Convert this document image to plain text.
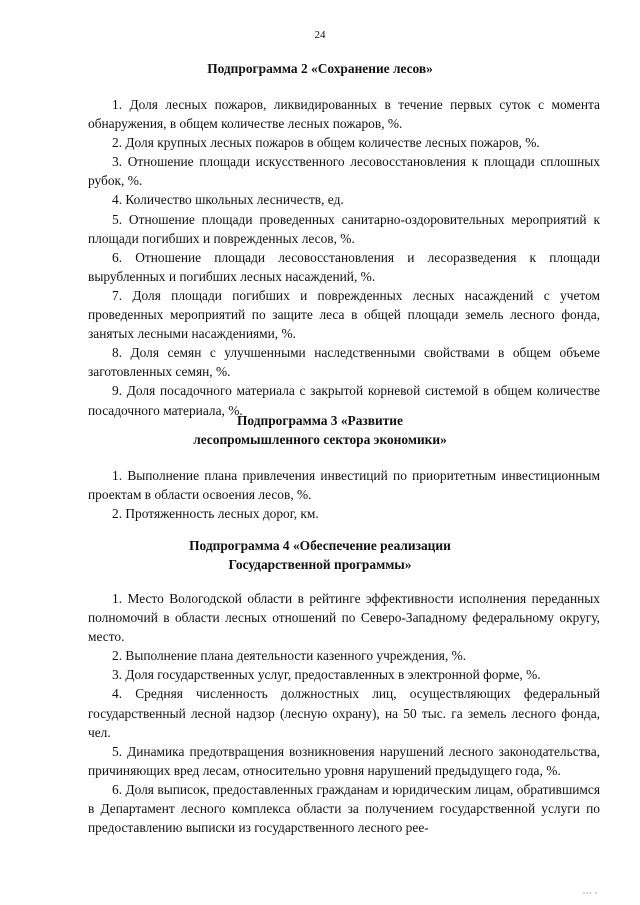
24
Подпрограмма 2 «Сохранение лесов»

1. Доля лесных пожаров, ликвидированных в течение первых суток с момента обнаружения, в общем количестве лесных пожаров, %.

2. Доля крупных лесных пожаров в общем количестве лесных пожаров, %.

3. Отношение площади искусственного лесовосстановления к площади сплошных рубок, %.

4. Количество школьных лесничеств, ед.

5. Отношение площади проведенных санитарно-оздоровительных мероприятий к площади погибших и поврежденных лесов, %.

6. Отношение площади лесовосстановления и лесоразведения к площади вырубленных и погибших лесных насаждений, %.

7. Доля площади погибших и поврежденных лесных насаждений с учетом проведенных мероприятий по защите леса в общей площади земель лесного фонда, занятых лесными насаждениями, %.

8. Доля семян с улучшенными наследственными свойствами в общем объеме заготовленных семян, %.

9. Доля посадочного материала с закрытой корневой системой в общем количестве посадочного материала, %.

Подпрограмма 3 «Развитие
лесопромышленного сектора экономики»

1. Выполнение плана привлечения инвестиций по приоритетным инвестиционным проектам в области освоения лесов, %.

2. Протяженность лесных дорог, км.

Подпрограмма 4 «Обеспечение реализации
Государственной программы»

1. Место Вологодской области в рейтинге эффективности исполнения переданных полномочий в области лесных отношений по Северо-Западному федеральному округу, место.

2. Выполнение плана деятельности казенного учреждения, %.

3. Доля государственных услуг, предоставленных в электронной форме, %.

4. Средняя численность должностных лиц, осуществляющих федеральный государственный лесной надзор (лесную охрану), на 50 тыс. га земель лесного фонда, чел.

5. Динамика предотвращения возникновения нарушений лесного законодательства, причиняющих вред лесам, относительно уровня нарушений предыдущего года, %.

6. Доля выписок, предоставленных гражданам и юридическим лицам, обратившимся в Департамент лесного комплекса области за получением государственной услуги по предоставлению выписки из государственного лесного рее-

▫▫▫ ▫
